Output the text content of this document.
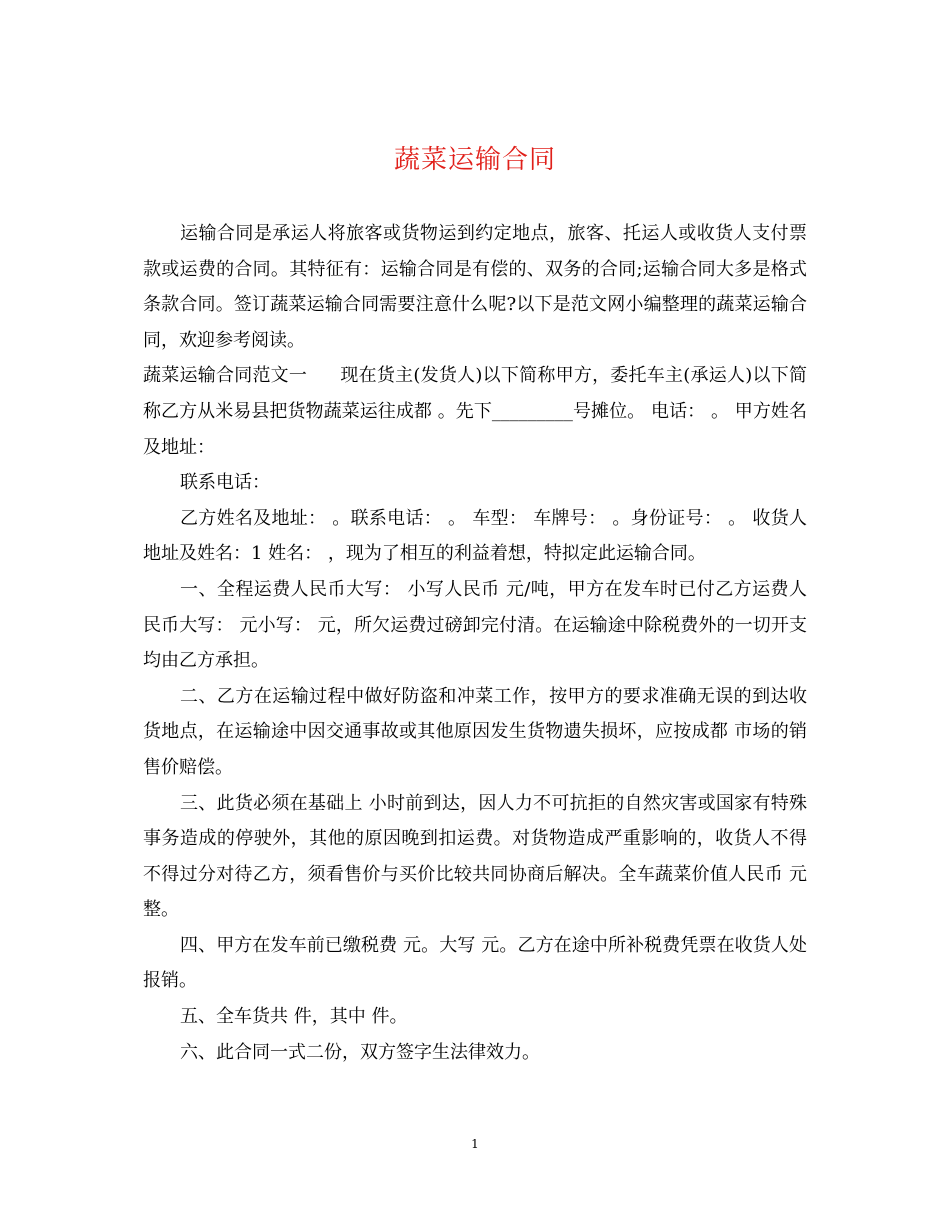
蔬菜运输合同

运输合同是承运人将旅客或货物运到约定地点，旅客、托运人或收货人支付票款或运费的合同。其特征有：运输合同是有偿的、双务的合同;运输合同大多是格式条款合同。签订蔬菜运输合同需要注意什么呢?以下是范文网小编整理的蔬菜运输合同，欢迎参考阅读。

蔬菜运输合同范文一 现在货主(发货人)以下简称甲方，委托车主(承运人)以下简称乙方从米易县把货物蔬菜运往成都 。先下_________号摊位。 电话： 。 甲方姓名及地址：

联系电话：

乙方姓名及地址： 。联系电话： 。 车型： 车牌号： 。身份证号： 。 收货人地址及姓名：1 姓名： ，现为了相互的利益着想，特拟定此运输合同。

一、全程运费人民币大写： 小写人民币 元/吨，甲方在发车时已付乙方运费人民币大写： 元小写： 元，所欠运费过磅卸完付清。在运输途中除税费外的一切开支均由乙方承担。

二、乙方在运输过程中做好防盗和冲菜工作，按甲方的要求准确无误的到达收货地点，在运输途中因交通事故或其他原因发生货物遗失损坏，应按成都 市场的销售价赔偿。

三、此货必须在基础上 小时前到达，因人力不可抗拒的自然灾害或国家有特殊事务造成的停驶外，其他的原因晚到扣运费。对货物造成严重影响的，收货人不得不得过分对待乙方，须看售价与买价比较共同协商后解决。全车蔬菜价值人民币 元整。

四、甲方在发车前已缴税费 元。大写 元。乙方在途中所补税费凭票在收货人处报销。

五、全车货共 件，其中 件。

六、此合同一式二份，双方签字生法律效力。

1
